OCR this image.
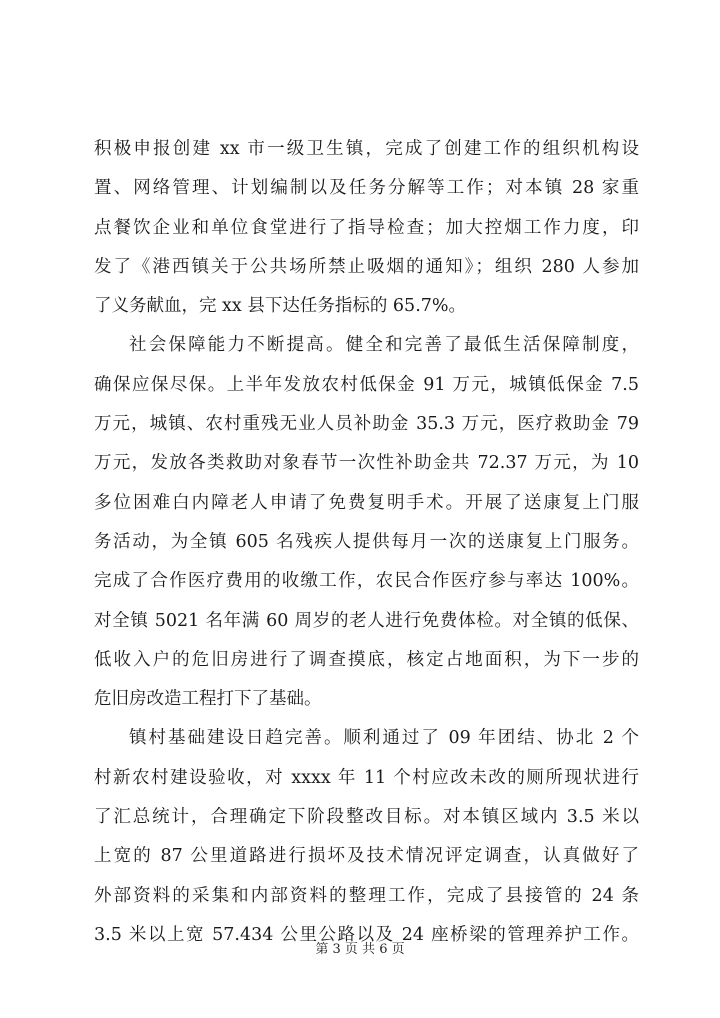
积极申报创建 xx 市一级卫生镇，完成了创建工作的组织机构设
置、网络管理、计划编制以及任务分解等工作；对本镇 28 家重
点餐饮企业和单位食堂进行了指导检查；加大控烟工作力度，印
发了《港西镇关于公共场所禁止吸烟的通知》；组织 280 人参加
了义务献血，完 xx 县下达任务指标的 65.7%。
社会保障能力不断提高。健全和完善了最低生活保障制度，
确保应保尽保。上半年发放农村低保金 91 万元，城镇低保金 7.5
万元，城镇、农村重残无业人员补助金 35.3 万元，医疗救助金 79
万元，发放各类救助对象春节一次性补助金共 72.37 万元，为 10
多位困难白内障老人申请了免费复明手术。开展了送康复上门服
务活动，为全镇 605 名残疾人提供每月一次的送康复上门服务。
完成了合作医疗费用的收缴工作，农民合作医疗参与率达 100%。
对全镇 5021 名年满 60 周岁的老人进行免费体检。对全镇的低保、
低收入户的危旧房进行了调查摸底，核定占地面积，为下一步的
危旧房改造工程打下了基础。
镇村基础建设日趋完善。顺利通过了 09 年团结、协北 2 个
村新农村建设验收，对 xxxx 年 11 个村应改未改的厕所现状进行
了汇总统计，合理确定下阶段整改目标。对本镇区域内 3.5 米以
上宽的 87 公里道路进行损坏及技术情况评定调查，认真做好了
外部资料的采集和内部资料的整理工作，完成了县接管的 24 条
3.5 米以上宽 57.434 公里公路以及 24 座桥梁的管理养护工作。
第 3 页 共 6 页
